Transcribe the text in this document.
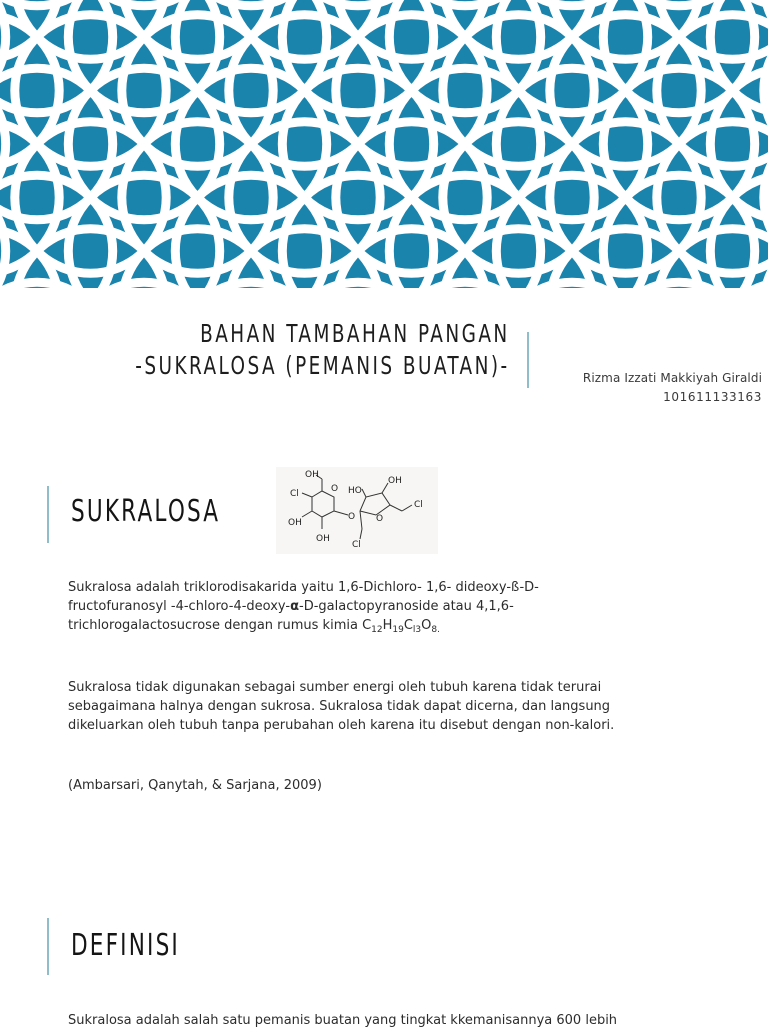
BAHAN TAMBAHAN PANGAN
-SUKRALOSA (PEMANIS BUATAN)-	Rizma Izzati Makkiyah Giraldi
101611133163
SUKRALOSA
OH
Cl
OH
OH
O
O
HO
OH
O
Cl
Cl
Sukralosa adalah triklorodisakarida yaitu 1,6-Dichloro- 1,6- dideoxy-ß-D-
fructofuranosyl -4-chloro-4-deoxy-α-D-galactopyranoside atau 4,1,6-
trichlorogalactosucrose dengan rumus kimia $C_{12}H_{19}C_{l3}O_{8.}$
Sukralosa tidak digunakan sebagai sumber energi oleh tubuh karena tidak terurai
sebagaimana halnya dengan sukrosa. Sukralosa tidak dapat dicerna, dan langsung
dikeluarkan oleh tubuh tanpa perubahan oleh karena itu disebut dengan non-kalori.
(Ambarsari, Qanytah, & Sarjana, 2009)
DEFINISI
Sukralosa adalah salah satu pemanis buatan yang tingkat kkemanisannya 600 lebih
